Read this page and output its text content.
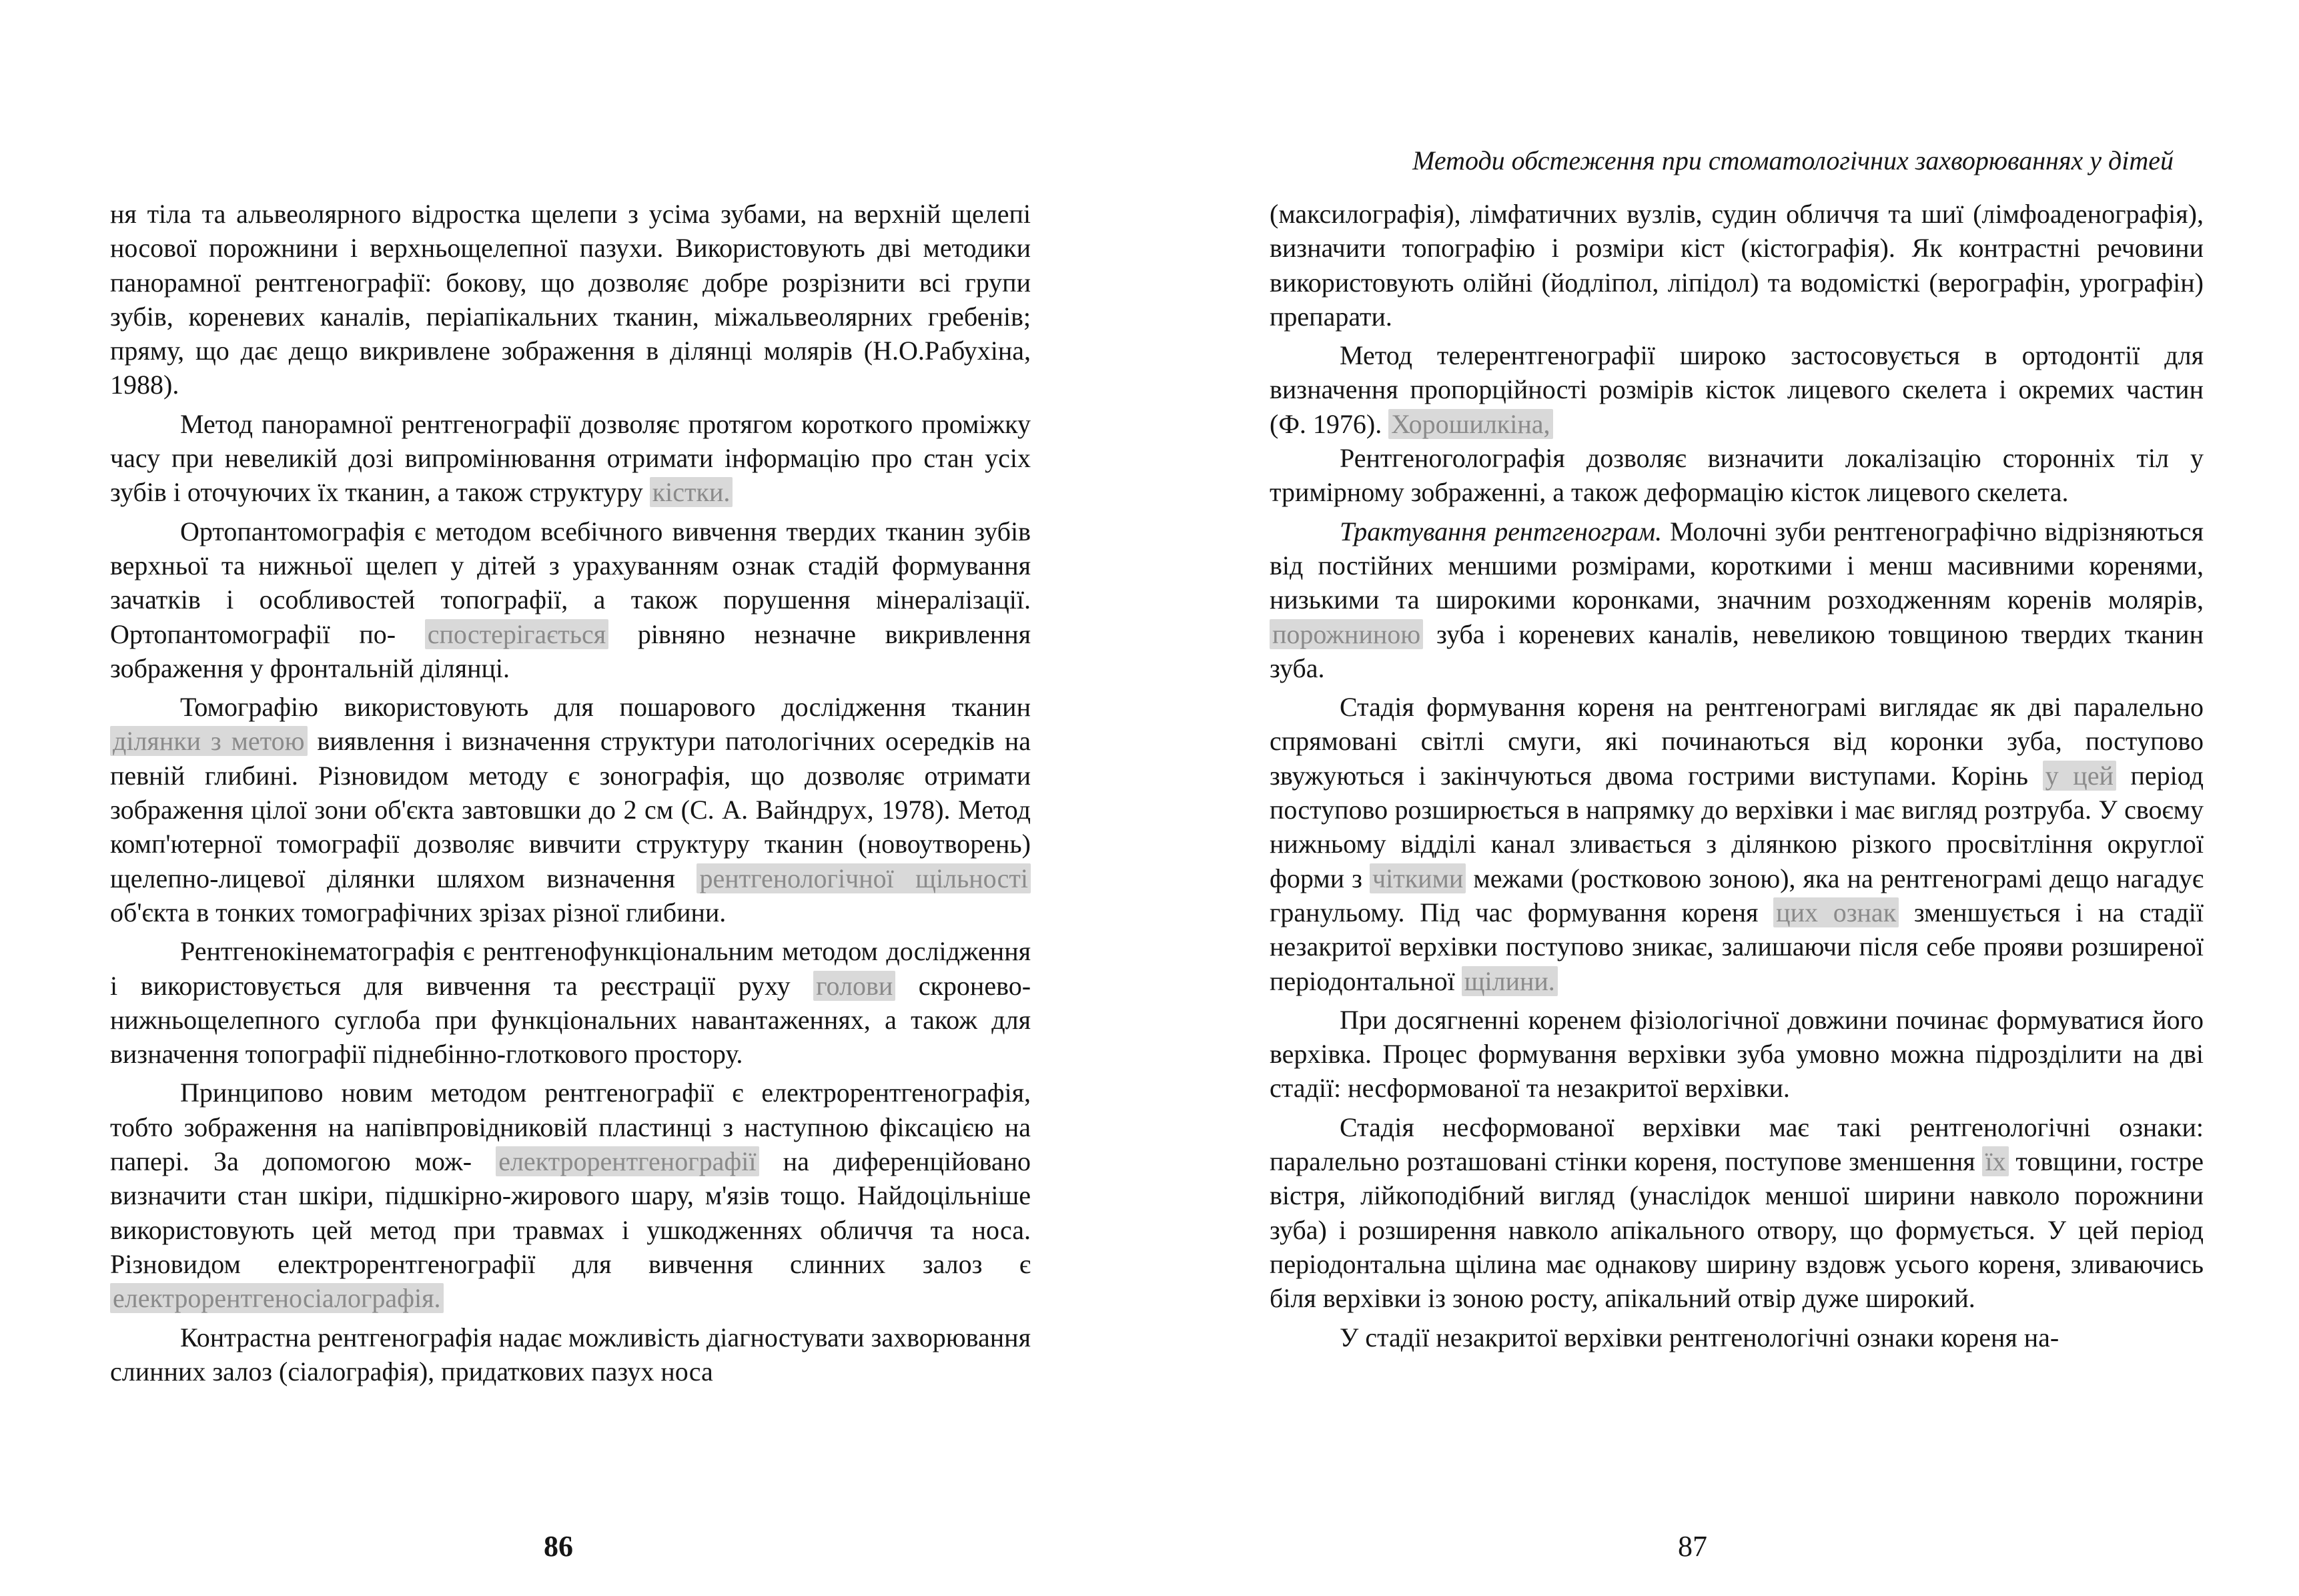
ня тіла та альвеолярного відростка щелепи з усіма зубами, на верхній щелепі носової порожнини і верхньощелепної пазухи. Використовують дві методики панорамної рентгенографії: бокову, що дозволяє добре розрізнити всі групи зубів, кореневих каналів, періапікальних тканин, міжальвеолярних гребенів; пряму, що дає дещо викривлене зображення в ділянці молярів (Н.О.Рабухіна, 1988).

Метод панорамної рентгенографії дозволяє протягом короткого проміжку часу при невеликій дозі випромінювання отримати інформацію про стан усіх зубів і оточуючих їх тканин, а також структуру кістки.

Ортопантомографія є методом всебічного вивчення твердих тканин зубів верхньої та нижньої щелеп у дітей з урахуванням ознак стадій формування зачатків і особливостей топографії, а також порушення мінералізації. Ортопантомографії по- спостерігається рівняно незначне викривлення зображення у фронтальній ділянці.

Томографію використовують для пошарового дослідження тканин ділянки з метою виявлення і визначення структури патологічних осередків на певній глибині. Різновидом методу є зонографія, що дозволяє отримати зображення цілої зони об'єкта завтовшки до 2 см (С. А. Вайндрух, 1978). Метод комп'ютерної томографії дозволяє вивчити структуру тканин (новоутворень) щелепно-лицевої ділянки шляхом визначення рентгенологічної щільності об'єкта в тонких томографічних зрізах різної глибини.

Рентгенокінематографія є рентгенофункціональним методом дослідження і використовується для вивчення та реєстрації руху голови скронево-нижньощелепного суглоба при функціональних навантаженнях, а також для визначення топографії піднебінно-глоткового простору.

Принципово новим методом рентгенографії є електрорентгенографія, тобто зображення на напівпровідниковій пластинці з наступною фіксацією на папері. За допомогою мож- електрорентгенографії на диференційовано визначити стан шкіри, підшкірно-жирового шару, м'язів тощо. Найдоцільніше використовують цей метод при травмах і ушкодженнях обличчя та носа. Різновидом електрорентгенографії для вивчення слинних залоз є електрорентгеносіалографія.

Контрастна рентгенографія надає можливість діагностувати захворювання слинних залоз (сіалографія), придаткових пазух носа

86
Методи обстеження при стоматологічних захворюваннях у дітей

(максилографія), лімфатичних вузлів, судин обличчя та шиї (лімфоаденографія), визначити топографію і розміри кіст (кістографія). Як контрастні речовини використовують олійні (йодліпол, ліпідол) та водомісткі (верографін, урографін) препарати.

Метод телерентгенографії широко застосовується в ортодонтії для визначення пропорційності розмірів кісток лицевого скелета і окремих частин (Ф. 1976). Хорошилкіна,

Рентгеноголографія дозволяє визначити локалізацію сторонніх тіл у тримірному зображенні, а також деформацію кісток лицевого скелета.

Трактування рентгенограм. Молочні зуби рентгенографічно відрізняються від постійних меншими розмірами, короткими і менш масивними коренями, низькими та широкими коронками, значним розходженням коренів молярів, порожниною зуба і кореневих каналів, невеликою товщиною твердих тканин зуба.

Стадія формування кореня на рентгенограмі виглядає як дві паралельно спрямовані світлі смуги, які починаються від коронки зуба, поступово звужуються і закінчуються двома гострими виступами. Корінь у цей період поступово розширюється в напрямку до верхівки і має вигляд розтруба. У своєму нижньому відділі канал зливається з ділянкою різкого просвітління округлої форми з чіткими межами (ростковою зоною), яка на рентгенограмі дещо нагадує гранульому. Під час формування кореня цих ознак зменшується і на стадії незакритої верхівки поступово зникає, залишаючи після себе прояви розширеної періодонтальної щілини.

При досягненні коренем фізіологічної довжини починає формуватися його верхівка. Процес формування верхівки зуба умовно можна підрозділити на дві стадії: несформованої та незакритої верхівки.

Стадія несформованої верхівки має такі рентгенологічні ознаки: паралельно розташовані стінки кореня, поступове зменшення їх товщини, гостре вістря, лійкоподібний вигляд (унаслідок меншої ширини навколо порожнини зуба) і розширення навколо апікального отвору, що формується. У цей період періодонтальна щілина має однакову ширину вздовж усього кореня, зливаючись біля верхівки із зоною росту, апікальний отвір дуже широкий.

У стадії незакритої верхівки рентгенологічні ознаки кореня на-

87
